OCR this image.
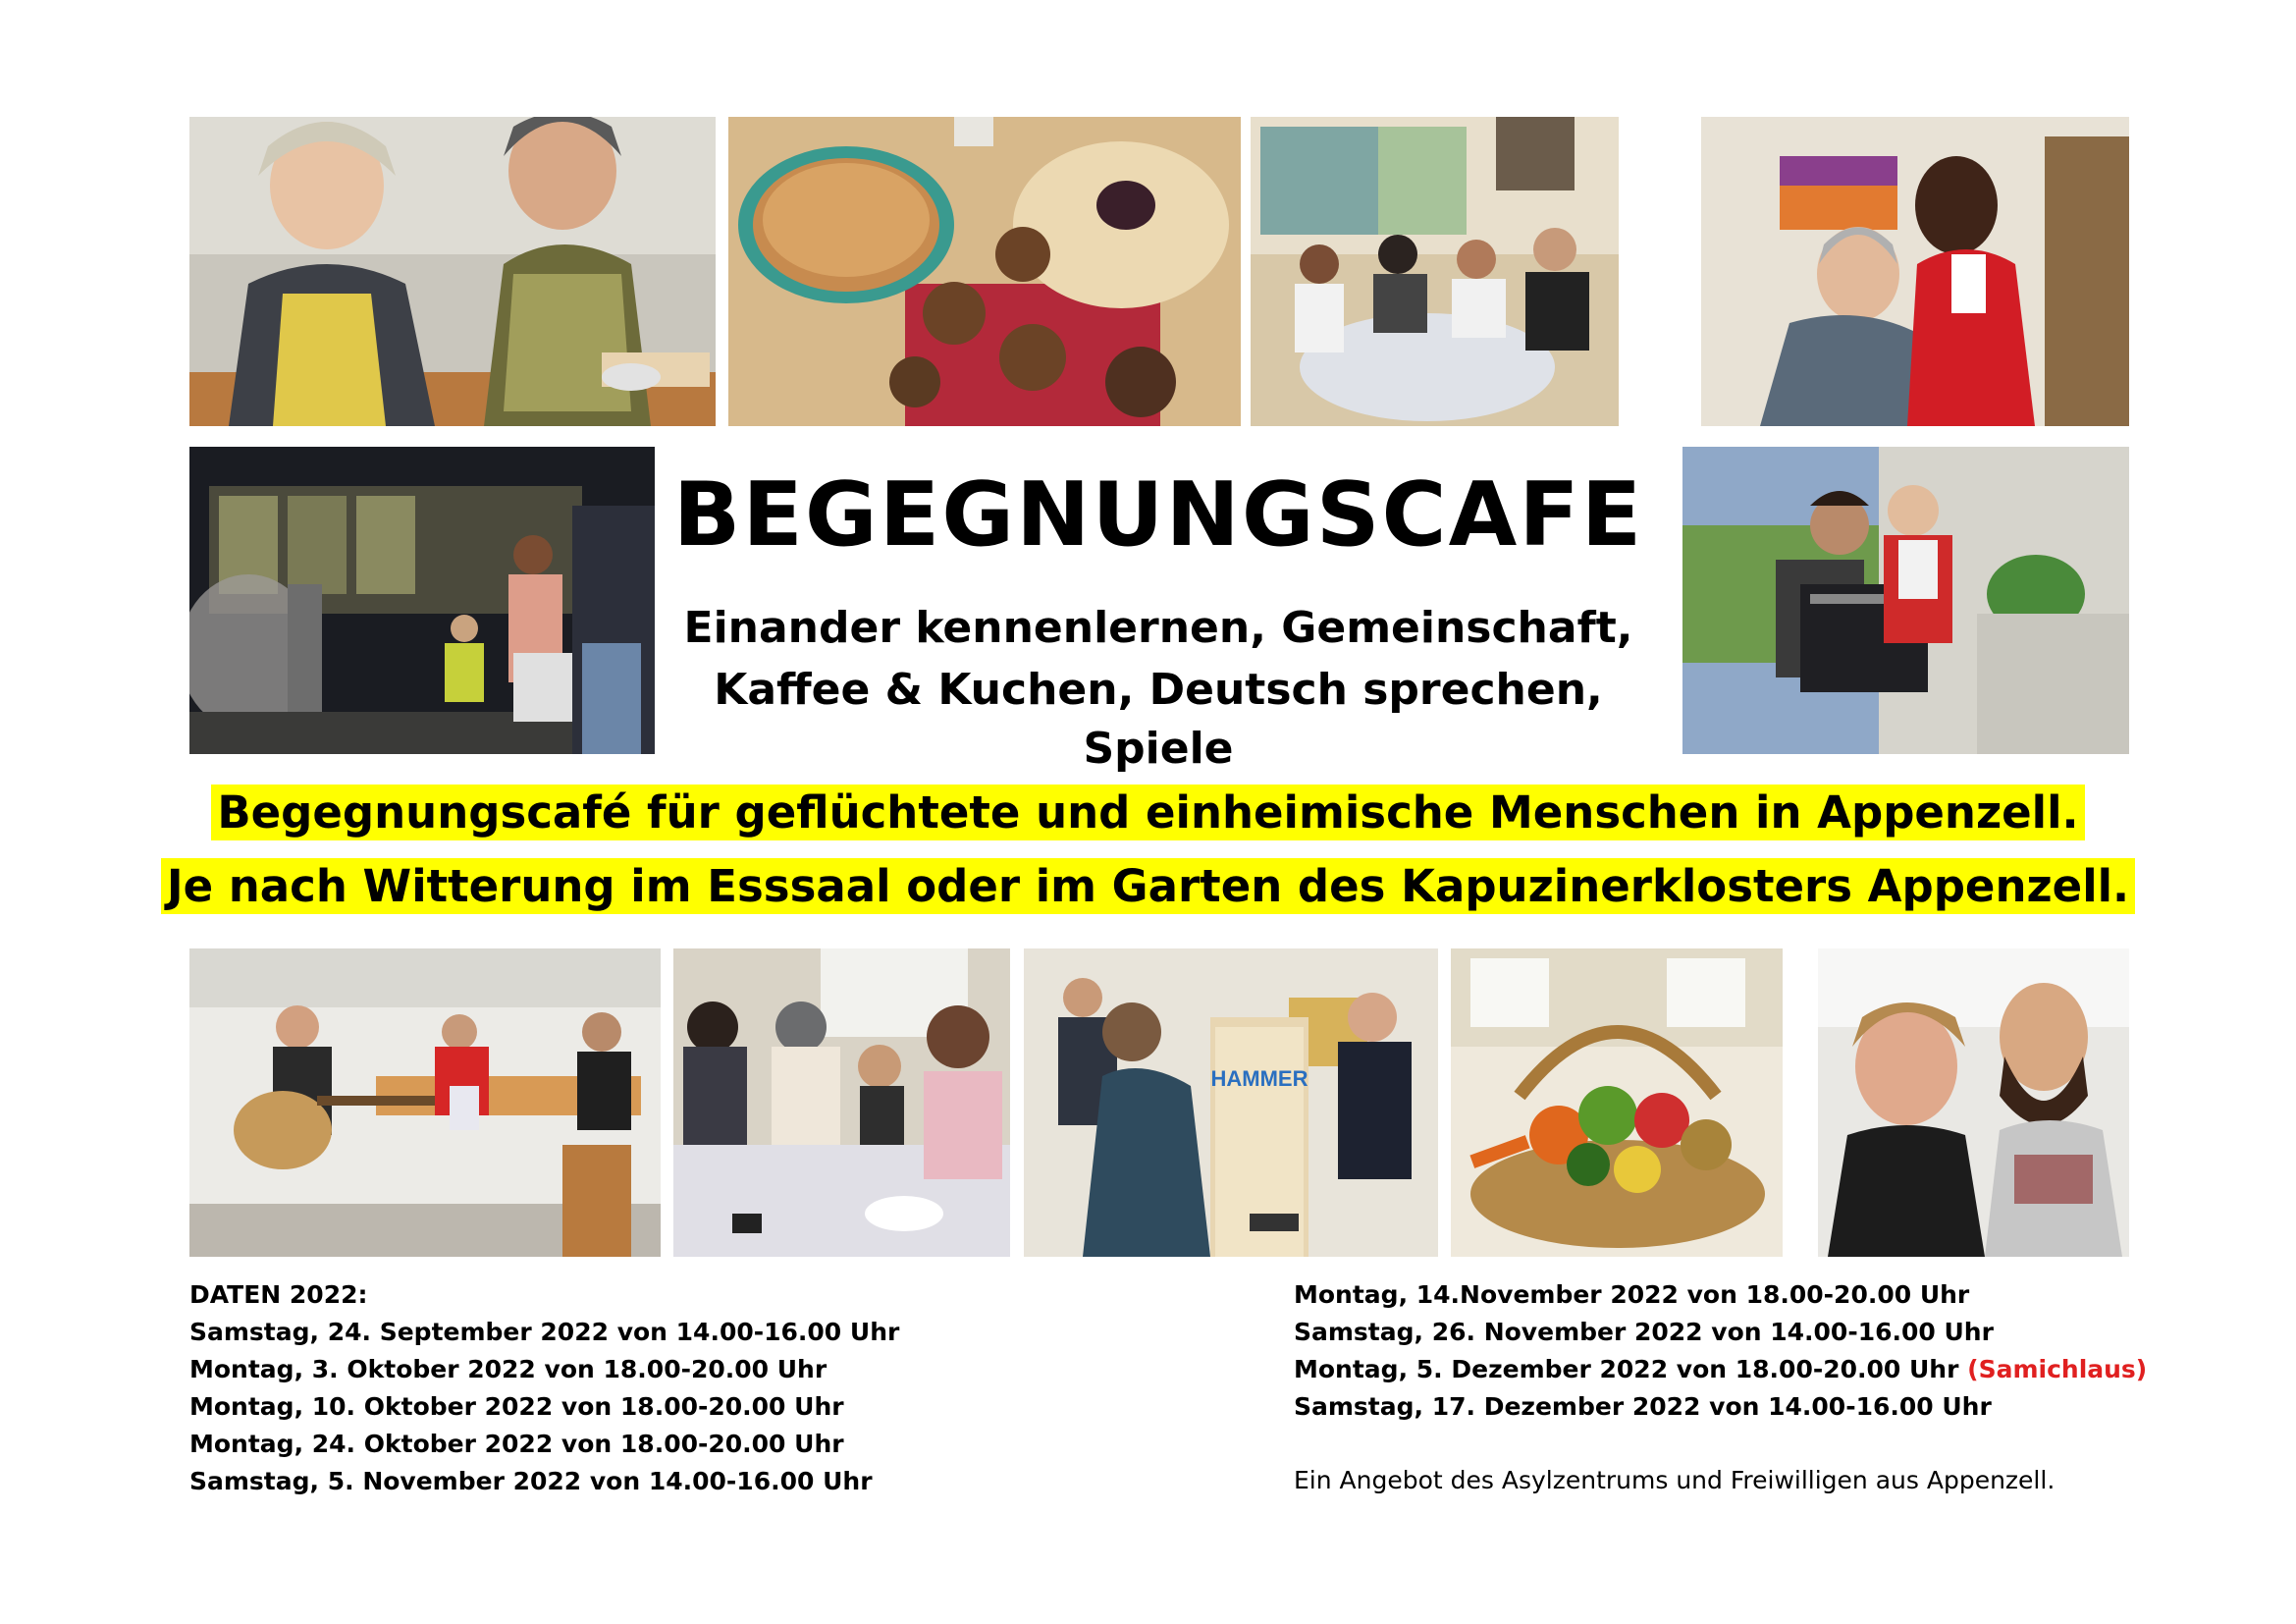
BEGEGNUNGSCAFE
Einander kennenlernen, Gemeinschaft,
Kaffee & Kuchen, Deutsch sprechen, Spiele
Begegnungscafé für geflüchtete und einheimische Menschen in Appenzell.
Je nach Witterung im Esssaal oder im Garten des Kapuzinerklosters Appenzell.
HAMMER
DATEN 2022:
Samstag, 24. September 2022 von 14.00-16.00 Uhr
Montag, 3. Oktober 2022 von 18.00-20.00 Uhr
Montag, 10. Oktober 2022 von 18.00-20.00 Uhr
Montag, 24. Oktober 2022 von 18.00-20.00 Uhr
Samstag, 5. November 2022 von 14.00-16.00 Uhr
Montag, 14.November 2022 von 18.00-20.00 Uhr
Samstag, 26. November 2022 von 14.00-16.00 Uhr
Montag, 5. Dezember 2022 von 18.00-20.00 Uhr (Samichlaus)
Samstag, 17. Dezember 2022 von 14.00-16.00 Uhr
Ein Angebot des Asylzentrums und Freiwilligen aus Appenzell.
